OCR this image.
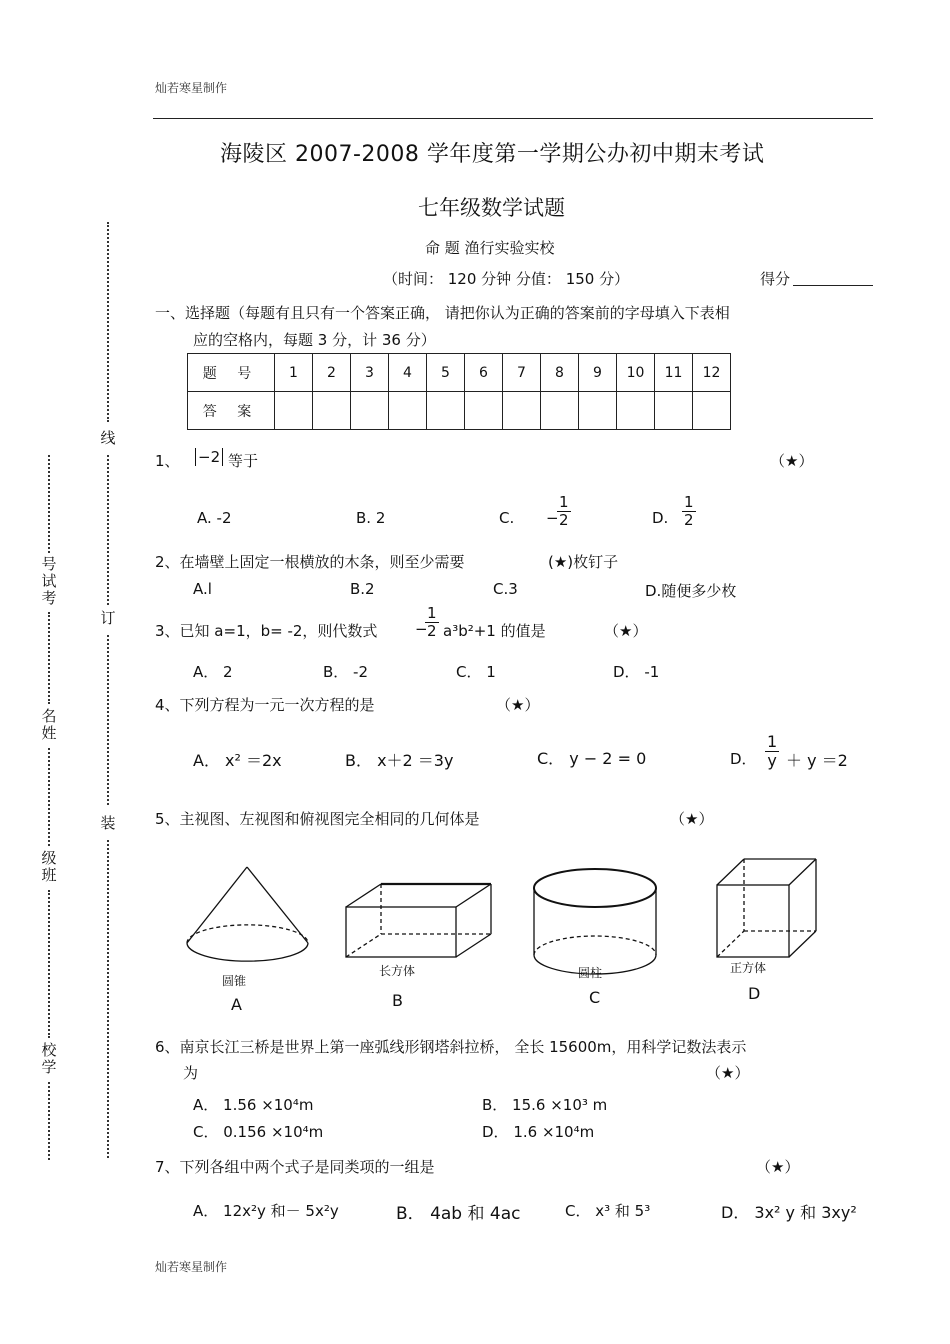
灿若寒星制作
灿若寒星制作
线
订
装
号试考
名姓
级班
校学
海陵区 2007-2008 学年度第一学期公办初中期末考试
七年级数学试题
命 题 渔行实验实校
（时间： 120 分钟 分值： 150 分）	得分
一、选择题（每题有且只有一个答案正确， 请把你认为正确的答案前的字母填入下表相
应的空格内，每题 3 分，计 36 分）
题 号	1	2	3	4	5	6	7	8	9	10	11	12
答 案												
1、 −2 等于	（★）
A. -2	B. 2	C. −
$\frac{1}{2}$	D. $\frac{1}{2}$
2、在墙壁上固定一根横放的木条，则至少需要	(★)枚钉子
A.l	B.2	C.3	D.随便多少枚
3、已知 a=1，b= -2，则代数式	−
$\frac{1}{2} a^3b^2+1$ 的值是	（★）
A． 2	B． -2	C． 1	D． -1
4、下列方程为一元一次方程的是	（★）
A． x² ＝2x	B． x＋2 ＝3y	C． y − 2 = 0	D． $\frac{1}{y} + y =2$
5、主视图、左视图和俯视图完全相同的几何体是	（★）
圆锥
A
长方体
B
圆柱
C
正方体
D
6、南京长江三桥是世界上第一座弧线形钢塔斜拉桥， 全长 15600m，用科学记数法表示
为	（★）
A． 1.56 ×10⁴m	B． 15.6 ×10³ m
C． 0.156 ×10⁴m	D． 1.6 ×10⁴m
7、下列各组中两个式子是同类项的一组是	（★）
A． 12x²y 和－ 5x²y	B． 4ab 和 4ac	C． x³ 和 5³	D． 3x² y 和 3xy²
